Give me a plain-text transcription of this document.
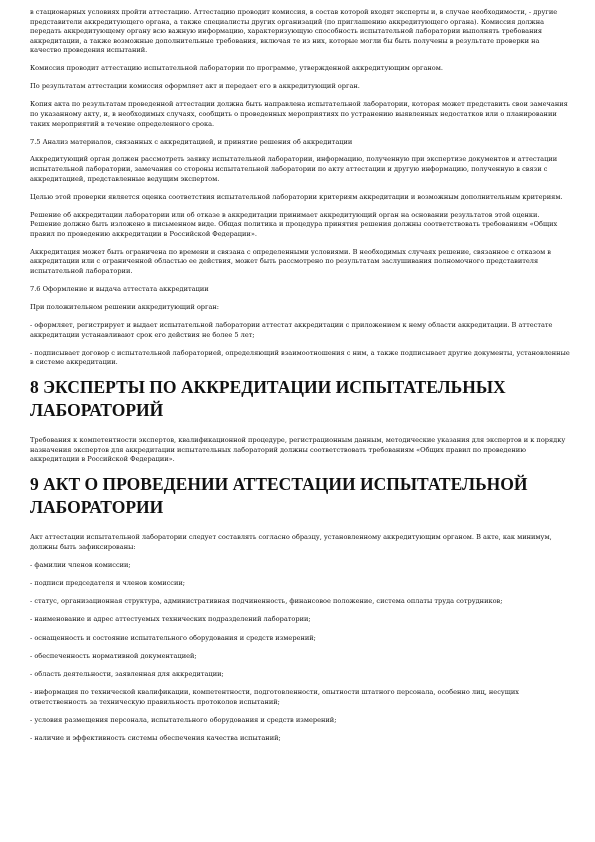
в стационарных условиях пройти аттестацию. Аттестацию проводит комиссия, в состав которой входят эксперты и, в случае необходимости, - другие представители аккредитующего органа, а также специалисты других организаций (по приглашению аккредитующего органа). Комиссия должна передать аккредитующему органу всю важную информацию, характеризующую способность испытательной лаборатории выполнять требования аккредитации, а также возможные дополнительные требования, включая те из них, которые могли бы быть получены в результате проверки на качество проведения испытаний.

Комиссия проводит аттестацию испытательной лаборатории по программе, утвержденной аккредитующим органом.

По результатам аттестации комиссия оформляет акт и передает его в аккредитующий орган.

Копия акта по результатам проведенной аттестации должна быть направлена испытательной лаборатории, которая может представить свои замечания по указанному акту, и, в необходимых случаях, сообщить о проведенных мероприятиях по устранению выявленных недостатков или о планировании таких мероприятий в течение определенного срока.

7.5 Анализ материалов, связанных с аккредитацией, и принятие решения об аккредитации

Аккредитующий орган должен рассмотреть заявку испытательной лаборатории, информацию, полученную при экспертизе документов и аттестации испытательной лаборатории, замечания со стороны испытательной лаборатории по акту аттестации и другую информацию, полученную в связи с аккредитацией, представленные ведущим экспертом.

Целью этой проверки является оценка соответствия испытательной лаборатории критериям аккредитации и возможным дополнительным критериям.

Решение об аккредитации лаборатории или об отказе в аккредитации принимает аккредитующий орган на основании результатов этой оценки. Решение должно быть изложено в письменном виде. Общая политика и процедура принятия решения должны соответствовать требованиям «Общих правил по проведению аккредитации в Российской Федерации».

Аккредитация может быть ограничена по времени и связана с определенными условиями. В необходимых случаях решение, связанное с отказом в аккредитации или с ограниченной областью ее действия, может быть рассмотрено по результатам заслушивания полномочного представителя испытательной лаборатории.

7.6 Оформление и выдача аттестата аккредитации

При положительном решении аккредитующий орган:

- оформляет, регистрирует и выдает испытательной лаборатории аттестат аккредитации с приложением к нему области аккредитации. В аттестате аккредитации устанавливают срок его действия не более 5 лет;

- подписывает договор с испытательной лабораторией, определяющий взаимоотношения с ним, а также подписывает другие документы, установленные в системе аккредитации.

8 ЭКСПЕРТЫ ПО АККРЕДИТАЦИИ ИСПЫТАТЕЛЬНЫХ ЛАБОРАТОРИЙ

Требования к компетентности экспертов, квалификационной процедуре, регистрационным данным, методические указания для экспертов и к порядку назначения экспертов для аккредитации испытательных лабораторий должны соответствовать требованиям «Общих правил по проведению аккредитации в Российской Федерации».

9 АКТ О ПРОВЕДЕНИИ АТТЕСТАЦИИ ИСПЫТАТЕЛЬНОЙ ЛАБОРАТОРИИ

Акт аттестации испытательной лаборатории следует составлять согласно образцу, установленному аккредитующим органом. В акте, как минимум, должны быть зафиксированы:

- фамилии членов комиссии;

- подписи председателя и членов комиссии;

- статус, организационная структура, административная подчиненность, финансовое положение, система оплаты труда сотрудников;

- наименование и адрес аттестуемых технических подразделений лаборатории;

- оснащенность и состояние испытательного оборудования и средств измерений;

- обеспеченность нормативной документацией;

- область деятельности, заявленная для аккредитации;

- информация по технической квалификации, компетентности, подготовленности, опытности штатного персонала, особенно лиц, несущих ответственность за техническую правильность протоколов испытаний;

- условия размещения персонала, испытательного оборудования и средств измерений;

- наличие и эффективность системы обеспечения качества испытаний;
